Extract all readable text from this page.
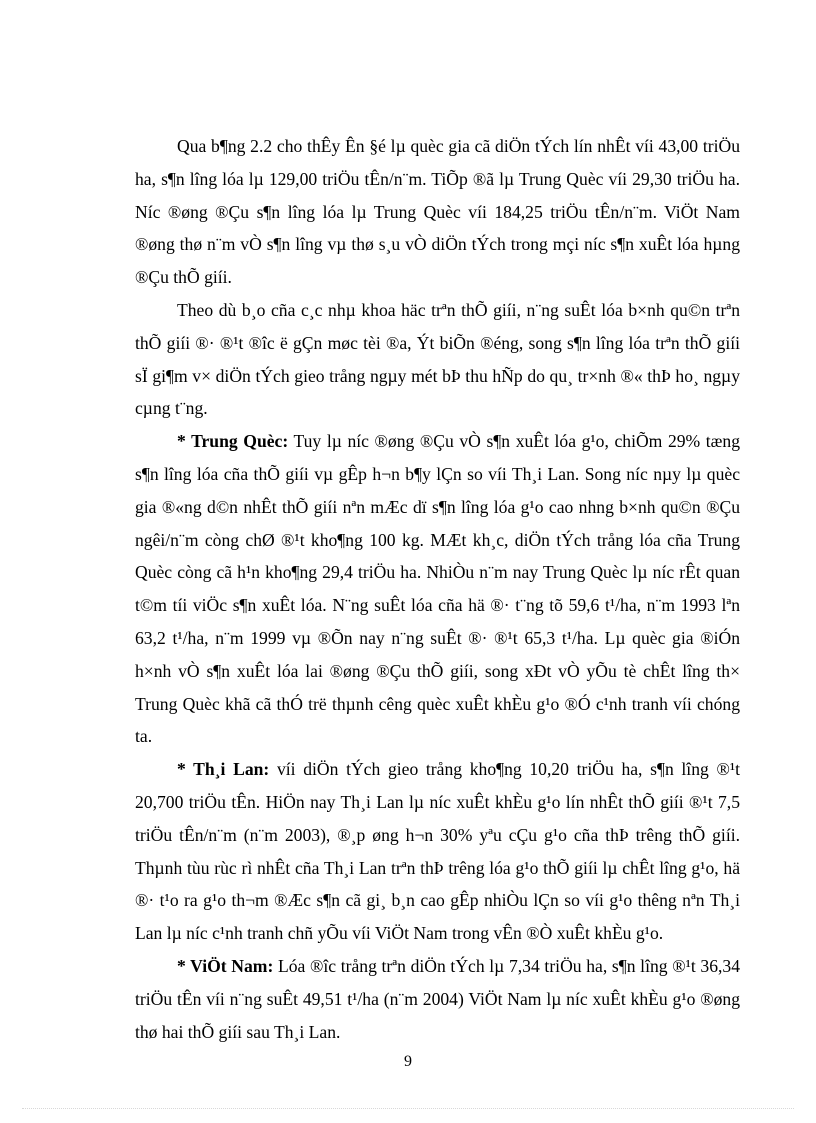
Qua b¶ng 2.2 cho thÊy Ên §é lµ quèc gia cã diÖn tÝch lín nhÊt víi 43,00 triÖu ha, s¶n lîng lóa lµ 129,00 triÖu tÊn/n¨m. TiÕp ®ã lµ Trung Quèc víi 29,30 triÖu ha. Níc ®øng ®Çu s¶n lîng lóa lµ Trung Quèc víi 184,25 triÖu tÊn/n¨m. ViÖt Nam ®øng thø n¨m vÒ s¶n lîng vµ thø s¸u vÒ diÖn tÝch trong mçi níc s¶n xuÊt lóa hµng ®Çu thÕ giíi.

Theo dù b¸o cña c¸c nhµ khoa häc trªn thÕ giíi, n¨ng suÊt lóa b×nh qu©n trªn thÕ giíi ®· ®¹t ®îc ë gÇn møc tèi ®a, Ýt biÕn ®éng, song s¶n lîng lóa trªn thÕ giíi sÏ gi¶m v× diÖn tÝch gieo trång ngµy mét bÞ thu hÑp do qu¸ tr×nh ®« thÞ ho¸ ngµy cµng t¨ng.

* Trung Quèc: Tuy lµ níc ®øng ®Çu vÒ s¶n xuÊt lóa g¹o, chiÕm 29% tæng s¶n lîng lóa cña thÕ giíi vµ gÊp h¬n b¶y lÇn so víi Th¸i Lan. Song níc nµy lµ quèc gia ®«ng d©n nhÊt thÕ giíi nªn mÆc dï s¶n lîng lóa g¹o cao nhng b×nh qu©n ®Çu ngêi/n¨m còng chØ ®¹t kho¶ng 100 kg. MÆt kh¸c, diÖn tÝch trång lóa cña Trung Quèc còng cã h¹n kho¶ng 29,4 triÖu ha. NhiÒu n¨m nay Trung Quèc lµ níc rÊt quan t©m tíi viÖc s¶n xuÊt lóa. N¨ng suÊt lóa cña hä ®· t¨ng tõ 59,6 t¹/ha, n¨m 1993 lªn 63,2 t¹/ha, n¨m 1999 vµ ®Õn nay n¨ng suÊt ®· ®¹t 65,3 t¹/ha. Lµ quèc gia ®iÓn h×nh vÒ s¶n xuÊt lóa lai ®øng ®Çu thÕ giíi, song xÐt vÒ yÕu tè chÊt lîng th× Trung Quèc khã cã thÓ trë thµnh cêng quèc xuÊt khÈu g¹o ®Ó c¹nh tranh víi chóng ta.

* Th¸i Lan: víi diÖn tÝch gieo trång kho¶ng 10,20 triÖu ha, s¶n lîng ®¹t 20,700 triÖu tÊn. HiÖn nay Th¸i Lan lµ níc xuÊt khÈu g¹o lín nhÊt thÕ giíi ®¹t 7,5 triÖu tÊn/n¨m (n¨m 2003), ®¸p øng h¬n 30% yªu cÇu g¹o cña thÞ trêng thÕ giíi. Thµnh tùu rùc rì nhÊt cña Th¸i Lan trªn thÞ trêng lóa g¹o thÕ giíi lµ chÊt lîng g¹o, hä ®· t¹o ra g¹o th¬m ®Æc s¶n cã gi¸ b¸n cao gÊp nhiÒu lÇn so víi g¹o thêng nªn Th¸i Lan lµ níc c¹nh tranh chñ yÕu víi ViÖt Nam trong vÊn ®Ò xuÊt khÈu g¹o.

* ViÖt Nam: Lóa ®îc trång trªn diÖn tÝch lµ 7,34 triÖu ha, s¶n lîng ®¹t 36,34 triÖu tÊn víi n¨ng suÊt 49,51 t¹/ha (n¨m 2004) ViÖt Nam lµ níc xuÊt khÈu g¹o ®øng thø hai thÕ giíi sau Th¸i Lan.

9
